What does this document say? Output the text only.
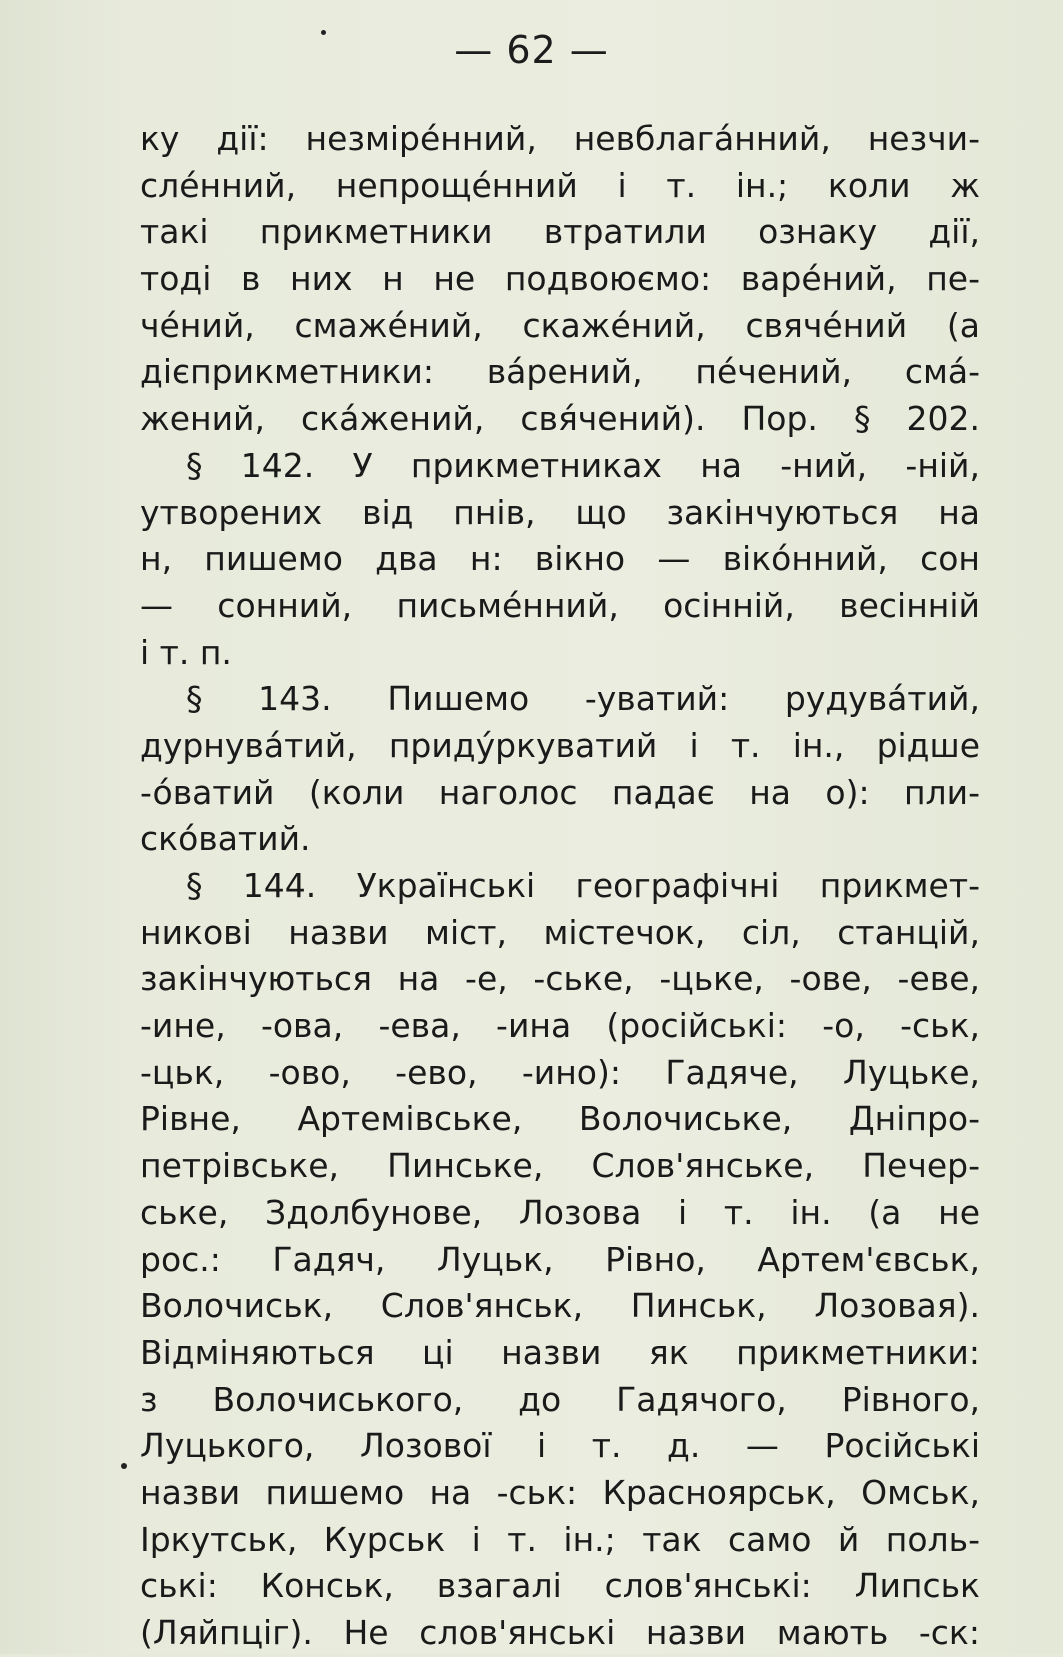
— 62 —
ку дії: незмірéнний, невблагáнний, незчи-
слéнний, непрощéнний і т. ін.; коли ж
такі прикметники втратили ознаку дії,
тоді в них н не подвоюємо: варéний, пе-
чéний, смажéний, скажéний, свячéний (а
дієприкметники: вáрений, пéчений, смá-
жений, скáжений, свя́чений). Пор. § 202.
§ 142. У прикметниках на -ний, -ній,
утворених від пнів, що закінчуються на
н, пишемо два н: вікно — вікóнний, сон
— сонний, письмéнний, осінній, весінній
і т. п.
§ 143. Пишемо -уватий: рудувáтий,
дурнувáтий, придýркуватий і т. ін., рідше
-óватий (коли наголос падає на о): пли-
скóватий.
§ 144. Українські географічні прикмет-
никові назви міст, містечок, сіл, станцій,
закінчуються на -е, -ське, -цьке, -ове, -еве,
-ине, -ова, -ева, -ина (російські: -о, -ськ,
-цьк, -ово, -ево, -ино): Гадяче, Луцьке,
Рівне, Артемівське, Волочиське, Дніпро-
петрівське, Пинське, Слов'янське, Печер-
ське, Здолбунове, Лозова і т. ін. (а не
рос.: Гадяч, Луцьк, Рівно, Артем'євськ,
Волочиськ, Слов'янськ, Пинськ, Лозовая).
Відміняються ці назви як прикметники:
з Волочиського, до Гадячого, Рівного,
Луцького, Лозової і т. д. — Російські
назви пишемо на -ськ: Красноярськ, Омськ,
Іркутськ, Курськ і т. ін.; так само й поль-
ські: Конськ, взагалі слов'янські: Липськ
(Ляйпціг). Не слов'янські назви мають -ск:
